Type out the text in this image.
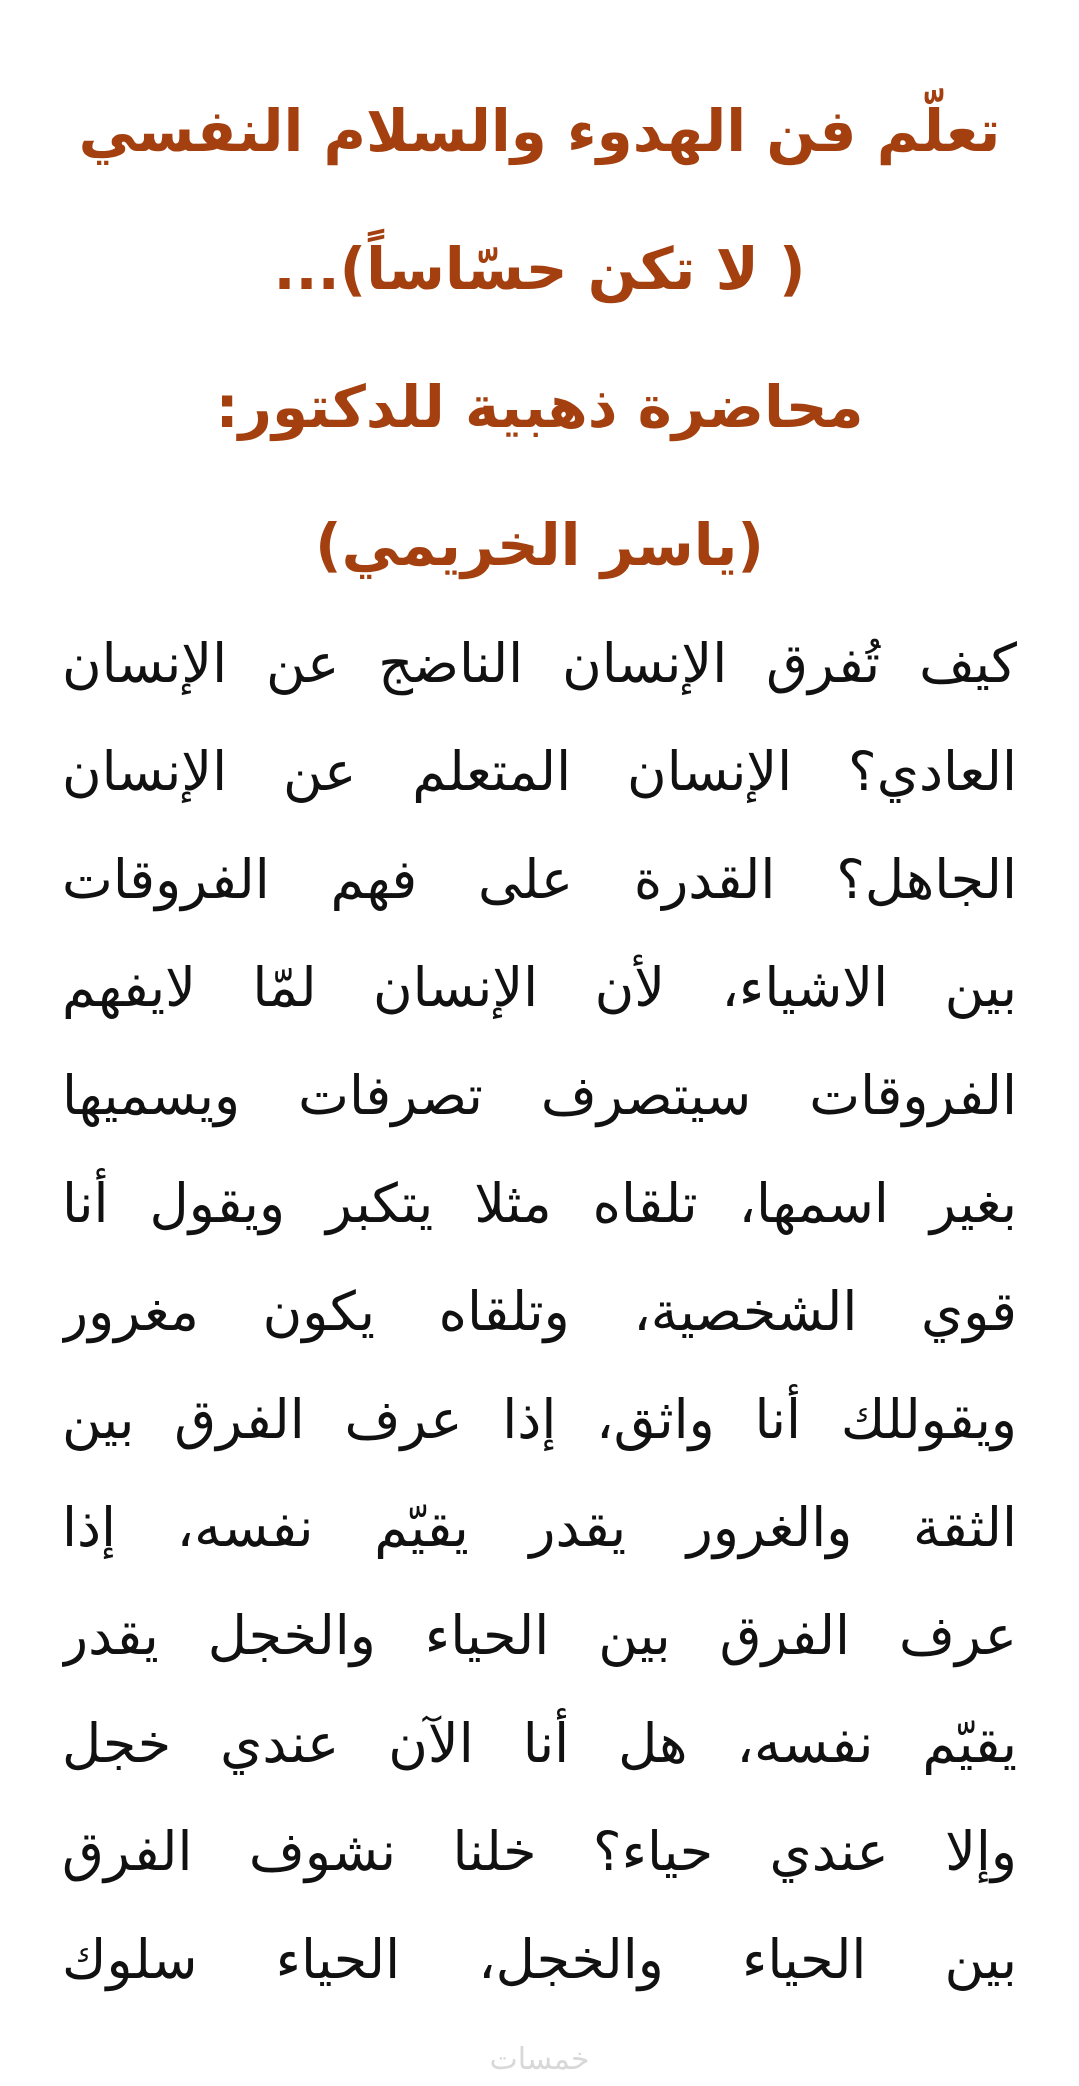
تعلّم فن الهدوء والسلام النفسي
( لا تكن حسّاساً)...
محاضرة ذهبية للدكتور:
(ياسر الخريمي)
كيف تُفرق الإنسان الناضج عن الإنسان
العادي؟ الإنسان المتعلم عن الإنسان
الجاهل؟ القدرة على فهم الفروقات
بين الاشياء، لأن الإنسان لمّا لايفهم
الفروقات سيتصرف تصرفات ويسميها
بغير اسمها، تلقاه مثلا يتكبر ويقول أنا
قوي الشخصية، وتلقاه يكون مغرور
ويقوللك أنا واثق، إذا عرف الفرق بين
الثقة والغرور يقدر يقيّم نفسه، إذا
عرف الفرق بين الحياء والخجل يقدر
يقيّم نفسه، هل أنا الآن عندي خجل
وإلا عندي حياء؟ خلنا نشوف الفرق
بين الحياء والخجل، الحياء سلوك
خمسات
